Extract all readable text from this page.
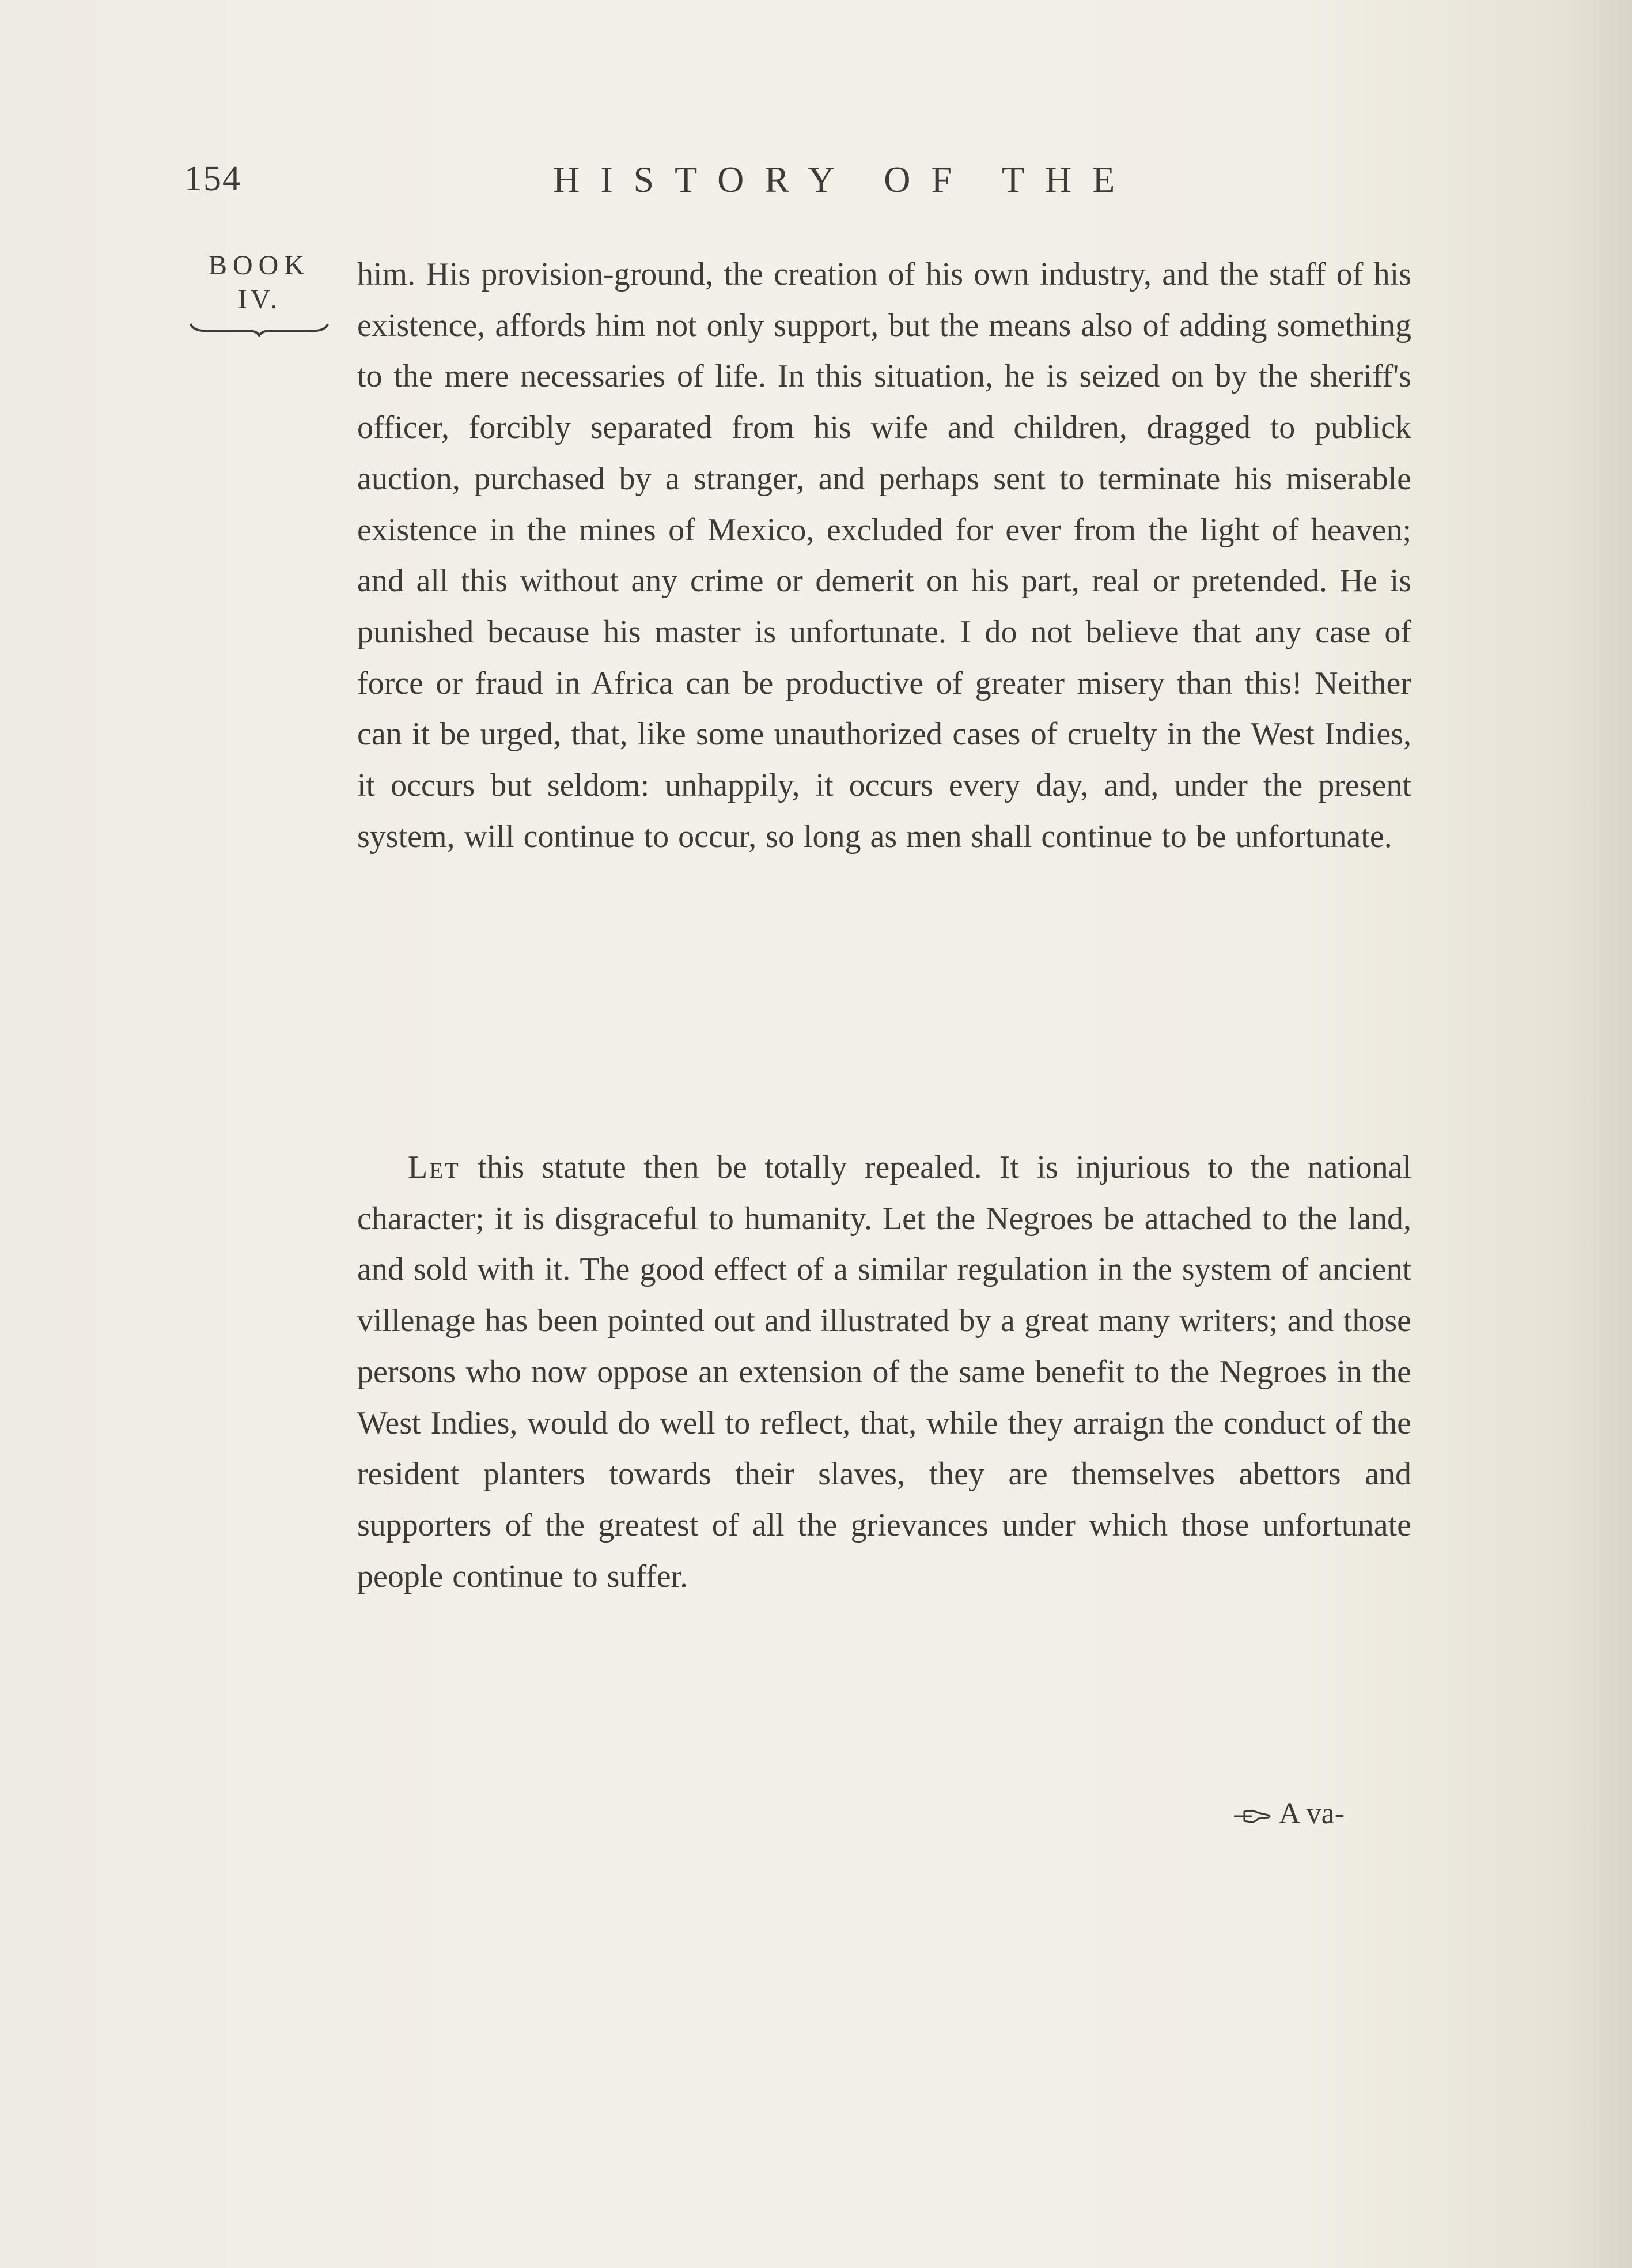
154	HISTORY OF THE
BOOK
IV.

him. His provision-ground, the creation of his own industry, and the staff of his existence, affords him not only support, but the means also of adding something to the mere necessaries of life. In this situation, he is seized on by the sheriff's officer, forcibly separated from his wife and children, dragged to publick auction, purchased by a stranger, and perhaps sent to terminate his miserable existence in the mines of Mexico, excluded for ever from the light of heaven; and all this without any crime or demerit on his part, real or pretended. He is punished because his master is unfortunate. I do not believe that any case of force or fraud in Africa can be productive of greater misery than this! Neither can it be urged, that, like some unauthorized cases of cruelty in the West Indies, it occurs but seldom: unhappily, it occurs every day, and, under the present system, will continue to occur, so long as men shall continue to be unfortunate.

Let this statute then be totally repealed. It is injurious to the national character; it is disgraceful to humanity. Let the Negroes be attached to the land, and sold with it. The good effect of a similar regulation in the system of ancient villenage has been pointed out and illustrated by a great many writers; and those persons who now oppose an extension of the same benefit to the Negroes in the West Indies, would do well to reflect, that, while they arraign the conduct of the resident planters towards their slaves, they are themselves abettors and supporters of the greatest of all the grievances under which those unfortunate people continue to suffer.

A va-
